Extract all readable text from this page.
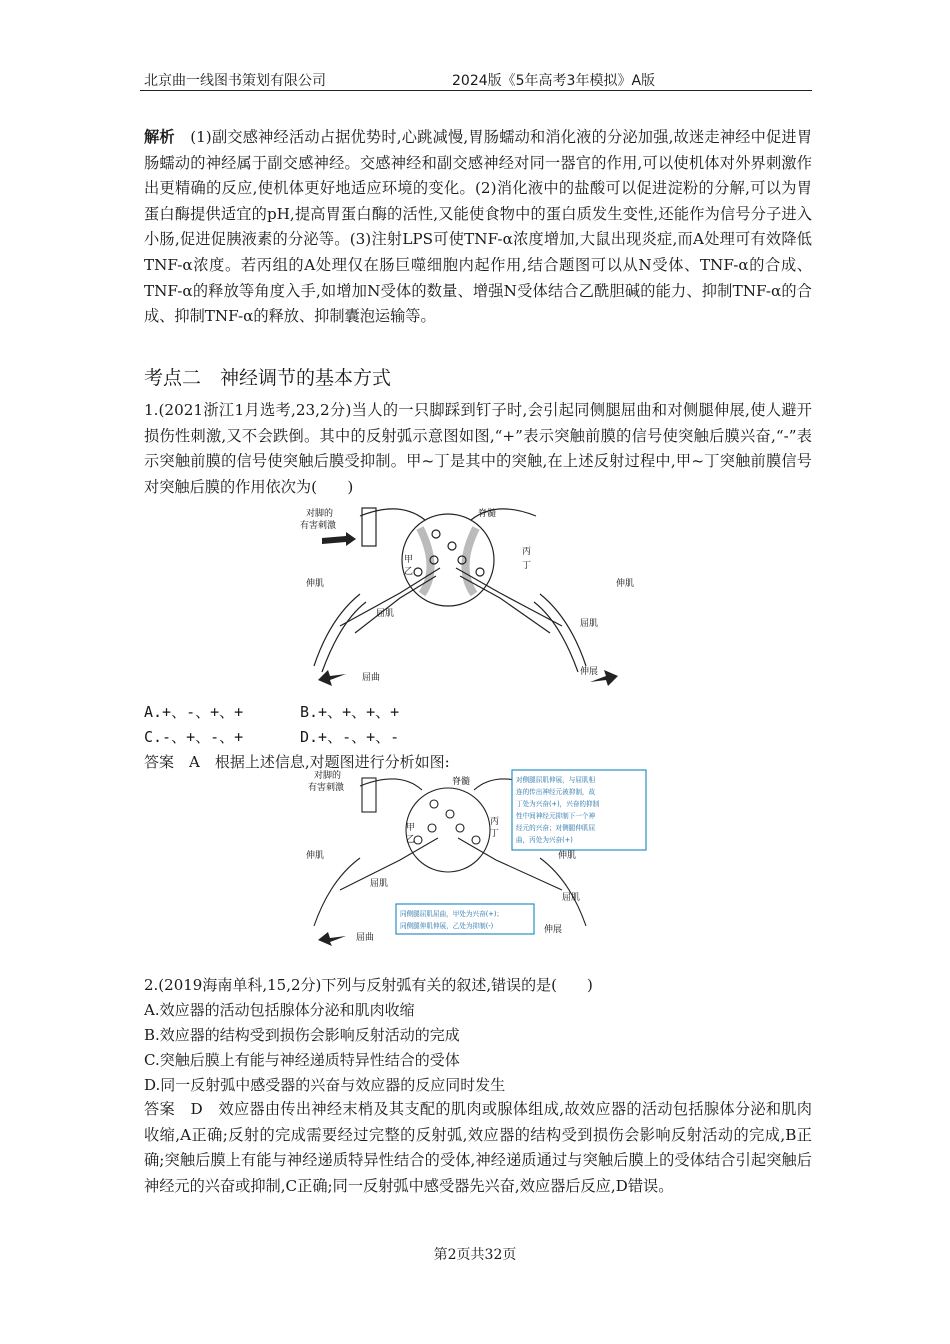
北京曲一线图书策划有限公司	2024版《5年高考3年模拟》A版
解析　 (1)副交感神经活动占据优势时,心跳减慢,胃肠蠕动和消化液的分泌加强,故迷走神经中促进胃肠蠕动的神经属于副交感神经。交感神经和副交感神经对同一器官的作用,可以使机体对外界刺激作出更精确的反应,使机体更好地适应环境的变化。(2)消化液中的盐酸可以促进淀粉的分解,可以为胃蛋白酶提供适宜的pH,提高胃蛋白酶的活性,又能使食物中的蛋白质发生变性,还能作为信号分子进入小肠,促进促胰液素的分泌等。(3)注射LPS可使TNF-α浓度增加,大鼠出现炎症,而A处理可有效降低TNF-α浓度。若丙组的A处理仅在肠巨噬细胞内起作用,结合题图可以从N受体、TNF-α的合成、TNF-α的释放等角度入手,如增加N受体的数量、增强N受体结合乙酰胆碱的能力、抑制TNF-α的合成、抑制TNF-α的释放、抑制囊泡运输等。
考点二　神经调节的基本方式
1.(2021浙江1月选考,23,2分)当人的一只脚踩到钉子时,会引起同侧腿屈曲和对侧腿伸展,使人避开损伤性刺激,又不会跌倒。其中的反射弧示意图如图,“+”表示突触前膜的信号使突触后膜兴奋,“-”表示突触前膜的信号使突触后膜受抑制。甲~丁是其中的突触,在上述反射过程中,甲~丁突触前膜信号对突触后膜的作用依次为(　　)
对脚的
有害刺激
脊髓
甲
乙
丙
丁
伸肌
屈肌
屈曲
伸肌
屈肌
伸展
A.+、-、+、+	B.+、+、+、+
C.-、+、-、+	D.+、-、+、-
答案　A　根据上述信息,对题图进行分析如图:
对脚的
有害刺激
脊髓
甲
乙
丙
丁
伸肌
屈肌
屈曲
伸肌
屈肌
伸展
对侧腿屈肌伸展，与屈肌相
连的传出神经元被抑制，故
丁处为兴奋(+)，兴奋的抑制
性中间神经元抑制下一个神
经元的兴奋；对侧腿伸肌屈
曲，丙处为兴奋(+)
同侧腿屈肌屈曲，甲处为兴奋(+)；
同侧腿伸肌伸展，乙处为抑制(-)
2.(2019海南单科,15,2分)下列与反射弧有关的叙述,错误的是(　　)
A.效应器的活动包括腺体分泌和肌肉收缩
B.效应器的结构受到损伤会影响反射活动的完成
C.突触后膜上有能与神经递质特异性结合的受体
D.同一反射弧中感受器的兴奋与效应器的反应同时发生
答案　D　效应器由传出神经末梢及其支配的肌肉或腺体组成,故效应器的活动包括腺体分泌和肌肉收缩,A正确;反射的完成需要经过完整的反射弧,效应器的结构受到损伤会影响反射活动的完成,B正确;突触后膜上有能与神经递质特异性结合的受体,神经递质通过与突触后膜上的受体结合引起突触后神经元的兴奋或抑制,C正确;同一反射弧中感受器先兴奋,效应器后反应,D错误。
第2页共32页
